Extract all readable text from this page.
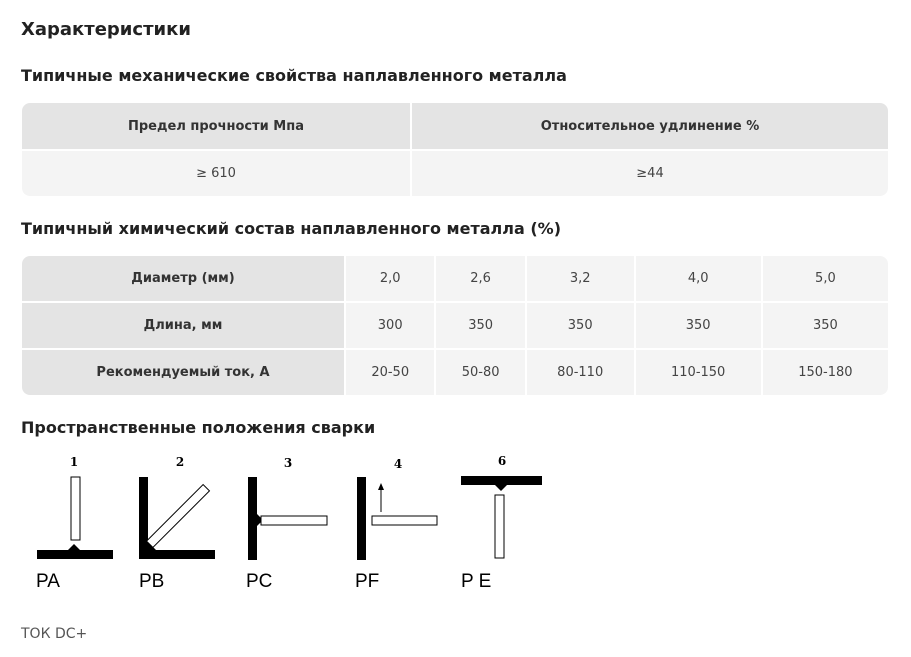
Характеристики
Типичные механические свойства наплавленного металла
Предел прочности Мпа	Относительное удлинение %
≥ 610	≥44
Типичный химический состав наплавленного металла (%)
Диаметр (мм)	2,0	2,6	3,2	4,0	5,0
Длина, мм	300	350	350	350	350
Рекомендуемый ток, А	20-50	50-80	80-110	110-150	150-180
Пространственные положения сварки
1
PA
2
PB
3
PC
4
PF
6
P E
ТОК DC+
